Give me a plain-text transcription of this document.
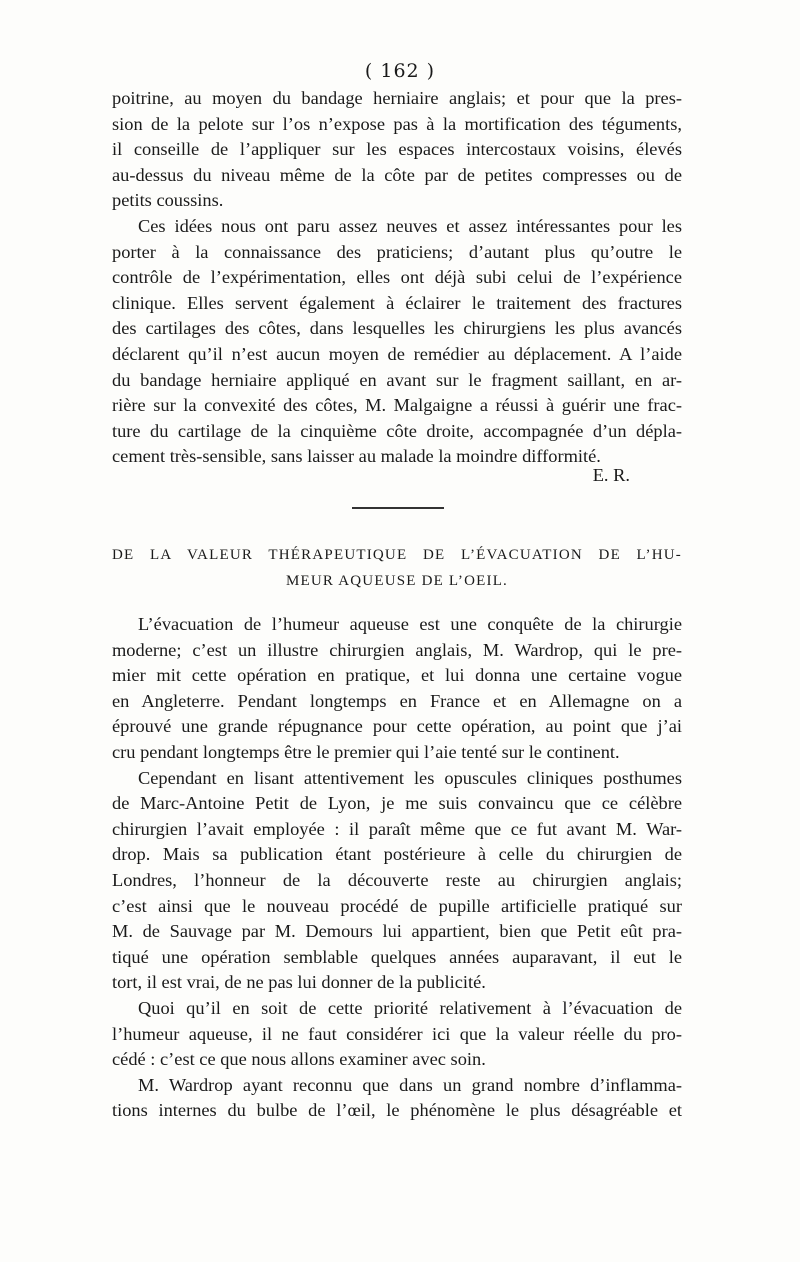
( 162 )
poitrine, au moyen du bandage herniaire anglais; et pour que la pres-
sion de la pelote sur l’os n’expose pas à la mortification des téguments,
il conseille de l’appliquer sur les espaces intercostaux voisins, élevés
au-dessus du niveau même de la côte par de petites compresses ou de
petits coussins.
Ces idées nous ont paru assez neuves et assez intéressantes pour les
porter à la connaissance des praticiens; d’autant plus qu’outre le
contrôle de l’expérimentation, elles ont déjà subi celui de l’expérience
clinique. Elles servent également à éclairer le traitement des fractures
des cartilages des côtes, dans lesquelles les chirurgiens les plus avancés
déclarent qu’il n’est aucun moyen de remédier au déplacement. A l’aide
du bandage herniaire appliqué en avant sur le fragment saillant, en ar-
rière sur la convexité des côtes, M. Malgaigne a réussi à guérir une frac-
ture du cartilage de la cinquième côte droite, accompagnée d’un dépla-
cement très-sensible, sans laisser au malade la moindre difformité.
E. R.
DE LA VALEUR THÉRAPEUTIQUE DE L’ÉVACUATION DE L’HU-
MEUR AQUEUSE DE L’OEIL.
L’évacuation de l’humeur aqueuse est une conquête de la chirurgie
moderne; c’est un illustre chirurgien anglais, M. Wardrop, qui le pre-
mier mit cette opération en pratique, et lui donna une certaine vogue
en Angleterre. Pendant longtemps en France et en Allemagne on a
éprouvé une grande répugnance pour cette opération, au point que j’ai
cru pendant longtemps être le premier qui l’aie tenté sur le continent.
Cependant en lisant attentivement les opuscules cliniques posthumes
de Marc-Antoine Petit de Lyon, je me suis convaincu que ce célèbre
chirurgien l’avait employée : il paraît même que ce fut avant M. War-
drop. Mais sa publication étant postérieure à celle du chirurgien de
Londres, l’honneur de la découverte reste au chirurgien anglais;
c’est ainsi que le nouveau procédé de pupille artificielle pratiqué sur
M. de Sauvage par M. Demours lui appartient, bien que Petit eût pra-
tiqué une opération semblable quelques années auparavant, il eut le
tort, il est vrai, de ne pas lui donner de la publicité.
Quoi qu’il en soit de cette priorité relativement à l’évacuation de
l’humeur aqueuse, il ne faut considérer ici que la valeur réelle du pro-
cédé : c’est ce que nous allons examiner avec soin.
M. Wardrop ayant reconnu que dans un grand nombre d’inflamma-
tions internes du bulbe de l’œil, le phénomène le plus désagréable et
